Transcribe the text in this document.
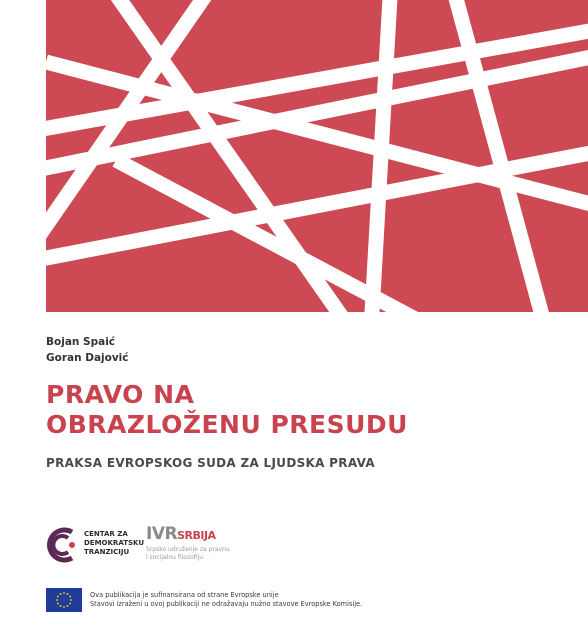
Bojan Spaić
Goran Dajović
PRAVO NA
OBRAZLOŽENU PRESUDU
PRAKSA EVROPSKOG SUDA ZA LJUDSKA PRAVA
CENTAR ZA
DEMOKRATSKU
TRANZICIJU
IVRSRBIJA
Srpsko udruženje za pravnu
i socijalnu filozofiju
Ova publikacija je sufinansirana od strane Evropske unije
Stavovi izraženi u ovoj publikaciji ne odražavaju nužno stavove Evropske Komisije.
